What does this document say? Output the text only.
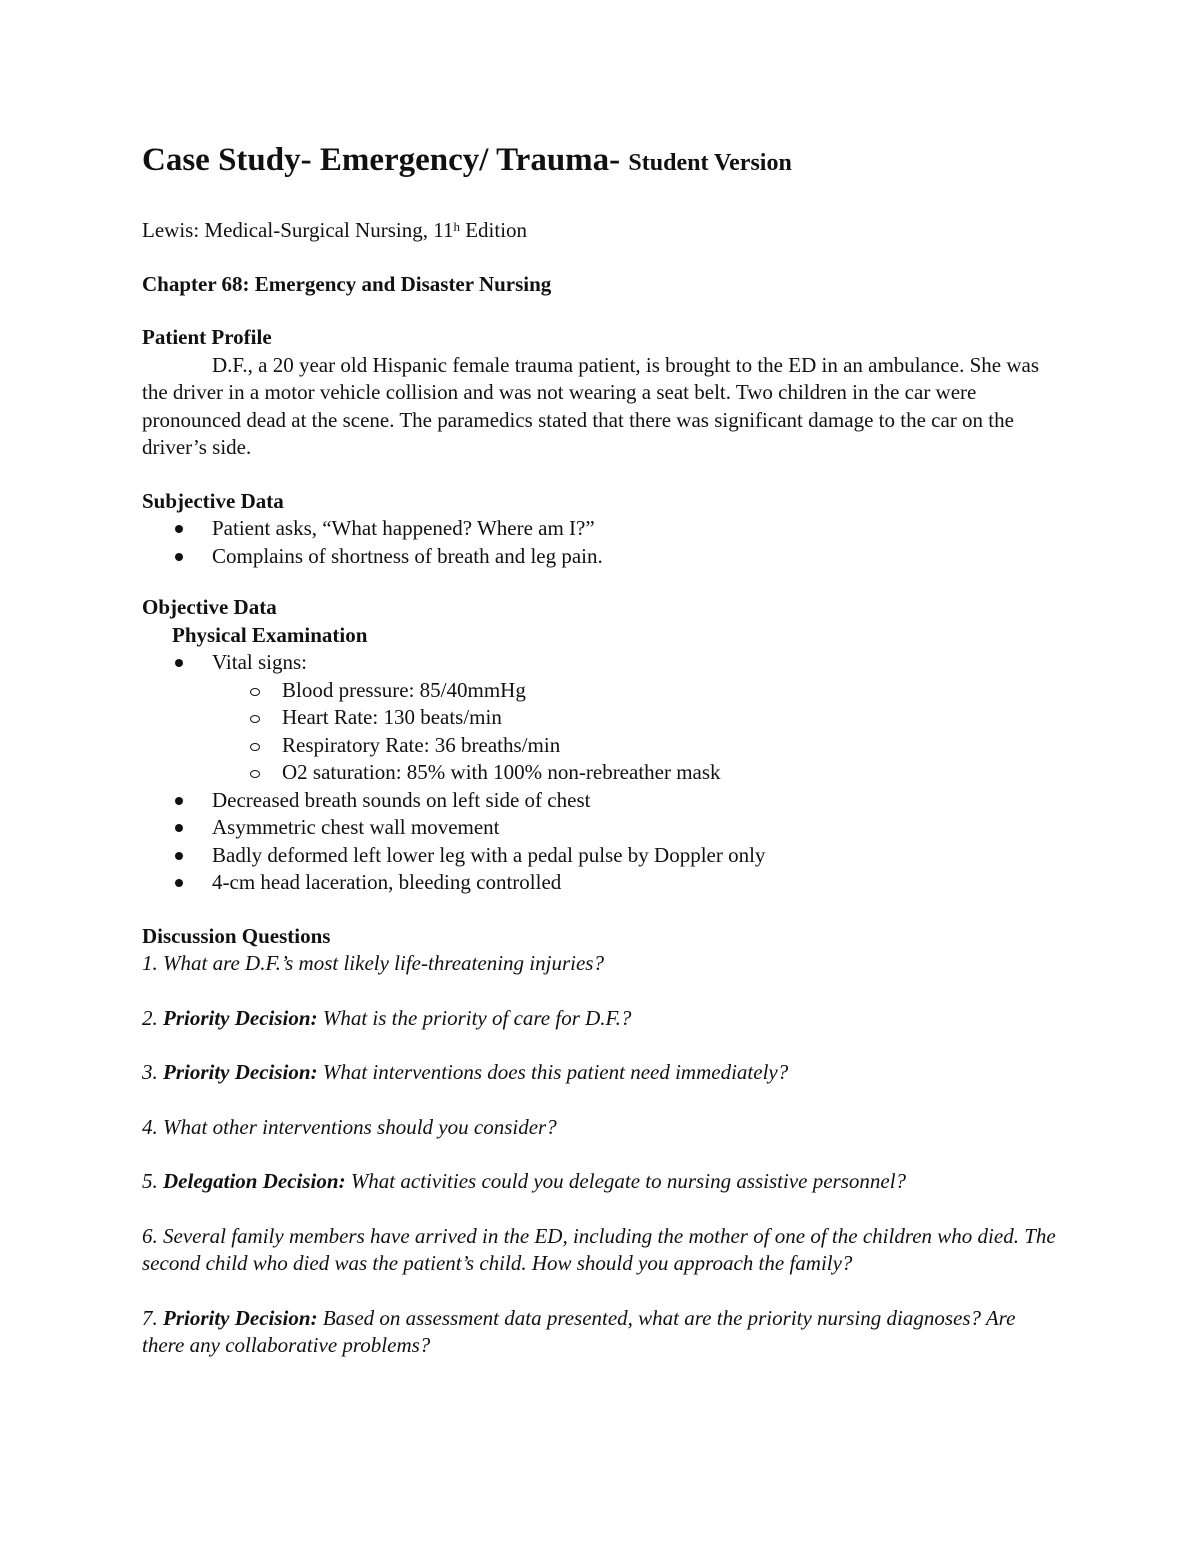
Case Study- Emergency/ Trauma- Student Version

Lewis: Medical-Surgical Nursing, 11$^h$ Edition

Chapter 68: Emergency and Disaster Nursing

Patient Profile

D.F., a 20 year old Hispanic female trauma patient, is brought to the ED in an ambulance. She was the driver in a motor vehicle collision and was not wearing a seat belt. Two children in the car were pronounced dead at the scene. The paramedics stated that there was significant damage to the car on the driver’s side.

Subjective Data

Patient asks, “What happened? Where am I?”
Complains of shortness of breath and leg pain.

Objective Data

Physical Examination

Vital signs:
Blood pressure: 85/40mmHg
Heart Rate: 130 beats/min
Respiratory Rate: 36 breaths/min
O2 saturation: 85% with 100% non-rebreather mask
Decreased breath sounds on left side of chest
Asymmetric chest wall movement
Badly deformed left lower leg with a pedal pulse by Doppler only
4-cm head laceration, bleeding controlled

Discussion Questions

1. What are D.F.’s most likely life-threatening injuries?

2. Priority Decision: What is the priority of care for D.F.?

3. Priority Decision: What interventions does this patient need immediately?

4. What other interventions should you consider?

5. Delegation Decision: What activities could you delegate to nursing assistive personnel?

6. Several family members have arrived in the ED, including the mother of one of the children who died. The second child who died was the patient’s child. How should you approach the family?

7. Priority Decision: Based on assessment data presented, what are the priority nursing diagnoses? Are there any collaborative problems?
